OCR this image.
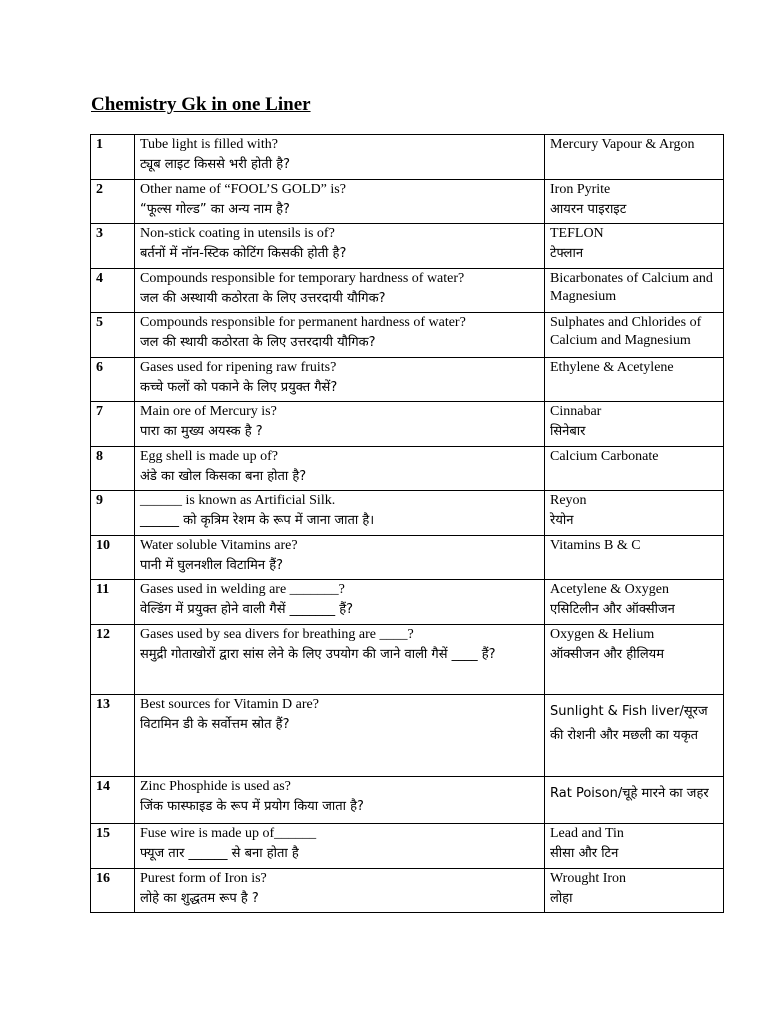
Chemistry Gk in one Liner
1	Tube light is filled with?
ट्यूब लाइट किससे भरी होती है?	Mercury Vapour & Argon

2	Other name of “FOOL’S GOLD” is?
“फूल्स गोल्ड” का अन्य नाम है?	Iron Pyrite
आयरन पाइराइट

3	Non-stick coating in utensils is of?
बर्तनों में नॉन-स्टिक कोटिंग किसकी होती है?	TEFLON
टेफ्लान

4	Compounds responsible for temporary hardness of water?
जल की अस्थायी कठोरता के लिए उत्तरदायी यौगिक?	Bicarbonates of Calcium and Magnesium

5	Compounds responsible for permanent hardness of water?
जल की स्थायी कठोरता के लिए उत्तरदायी यौगिक?	Sulphates and Chlorides of Calcium and Magnesium

6	Gases used for ripening raw fruits?
कच्चे फलों को पकाने के लिए प्रयुक्त गैसें?	Ethylene & Acetylene

7	Main ore of Mercury is?
पारा का मुख्य अयस्क है ?	Cinnabar
सिनेबार

8	Egg shell is made up of?
अंडे का खोल किसका बना होता है?	Calcium Carbonate

9	______ is known as Artificial Silk.
______ को कृत्रिम रेशम के रूप में जाना जाता है।	Reyon
रेयोन

10	Water soluble Vitamins are?
पानी में घुलनशील विटामिन हैं?	Vitamins B & C

11	Gases used in welding are _______?
वेल्डिंग में प्रयुक्त होने वाली गैसें _______ हैं?	Acetylene & Oxygen
एसिटिलीन और ऑक्सीजन

12	Gases used by sea divers for breathing are ____?
समुद्री गोताखोरों द्वारा सांस लेने के लिए उपयोग की जाने वाली गैसें ____ हैं?	Oxygen & Helium
ऑक्सीजन और हीलियम

13	Best sources for Vitamin D are?
विटामिन डी के सर्वोत्तम स्रोत हैं?	Sunlight & Fish liver/सूरज की रोशनी और मछली का यकृत

14	Zinc Phosphide is used as?
जिंक फास्फाइड के रूप में प्रयोग किया जाता है?	Rat Poison/चूहे मारने का जहर

15	Fuse wire is made up of______
फ्यूज तार ______ से बना होता है	Lead and Tin
सीसा और टिन

16	Purest form of Iron is?
लोहे का शुद्धतम रूप है ?	Wrought Iron
लोहा
